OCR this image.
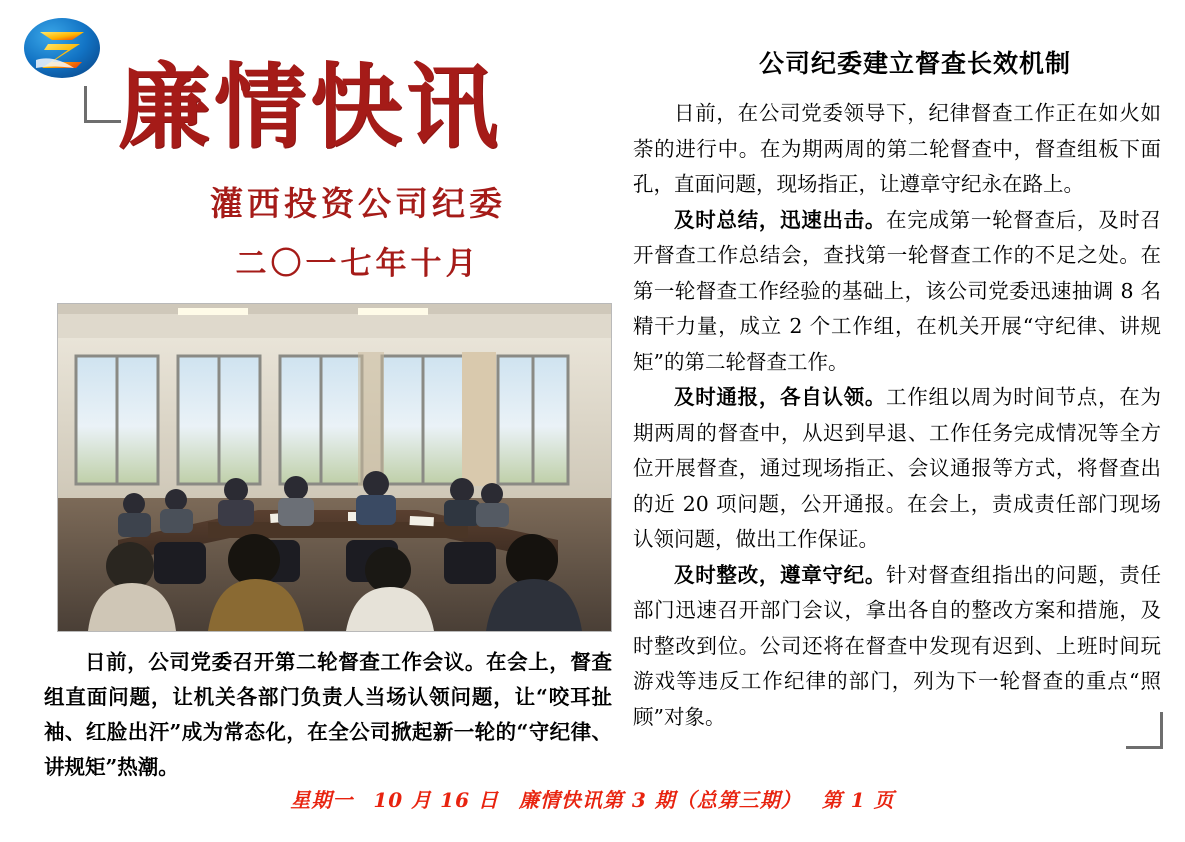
廉情快讯
灌西投资公司纪委
二〇一七年十月
日前，公司党委召开第二轮督查工作会议。在会上，督查组直面问题，让机关各部门负责人当场认领问题，让“咬耳扯袖、红脸出汗”成为常态化，在全公司掀起新一轮的“守纪律、讲规矩”热潮。
公司纪委建立督查长效机制

日前，在公司党委领导下，纪律督查工作正在如火如荼的进行中。在为期两周的第二轮督查中，督查组板下面孔，直面问题，现场指正，让遵章守纪永在路上。

及时总结，迅速出击。在完成第一轮督查后，及时召开督查工作总结会，查找第一轮督查工作的不足之处。在第一轮督查工作经验的基础上，该公司党委迅速抽调 8 名精干力量，成立 2 个工作组，在机关开展“守纪律、讲规矩”的第二轮督查工作。

及时通报，各自认领。工作组以周为时间节点，在为期两周的督查中，从迟到早退、工作任务完成情况等全方位开展督查，通过现场指正、会议通报等方式，将督查出的近 20 项问题，公开通报。在会上，责成责任部门现场认领问题，做出工作保证。

及时整改，遵章守纪。针对督查组指出的问题，责任部门迅速召开部门会议，拿出各自的整改方案和措施，及时整改到位。公司还将在督查中发现有迟到、上班时间玩游戏等违反工作纪律的部门，列为下一轮督查的重点“照顾”对象。

星期一 10 月 16 日 廉情快讯第 3 期（总第三期） 第 1 页
